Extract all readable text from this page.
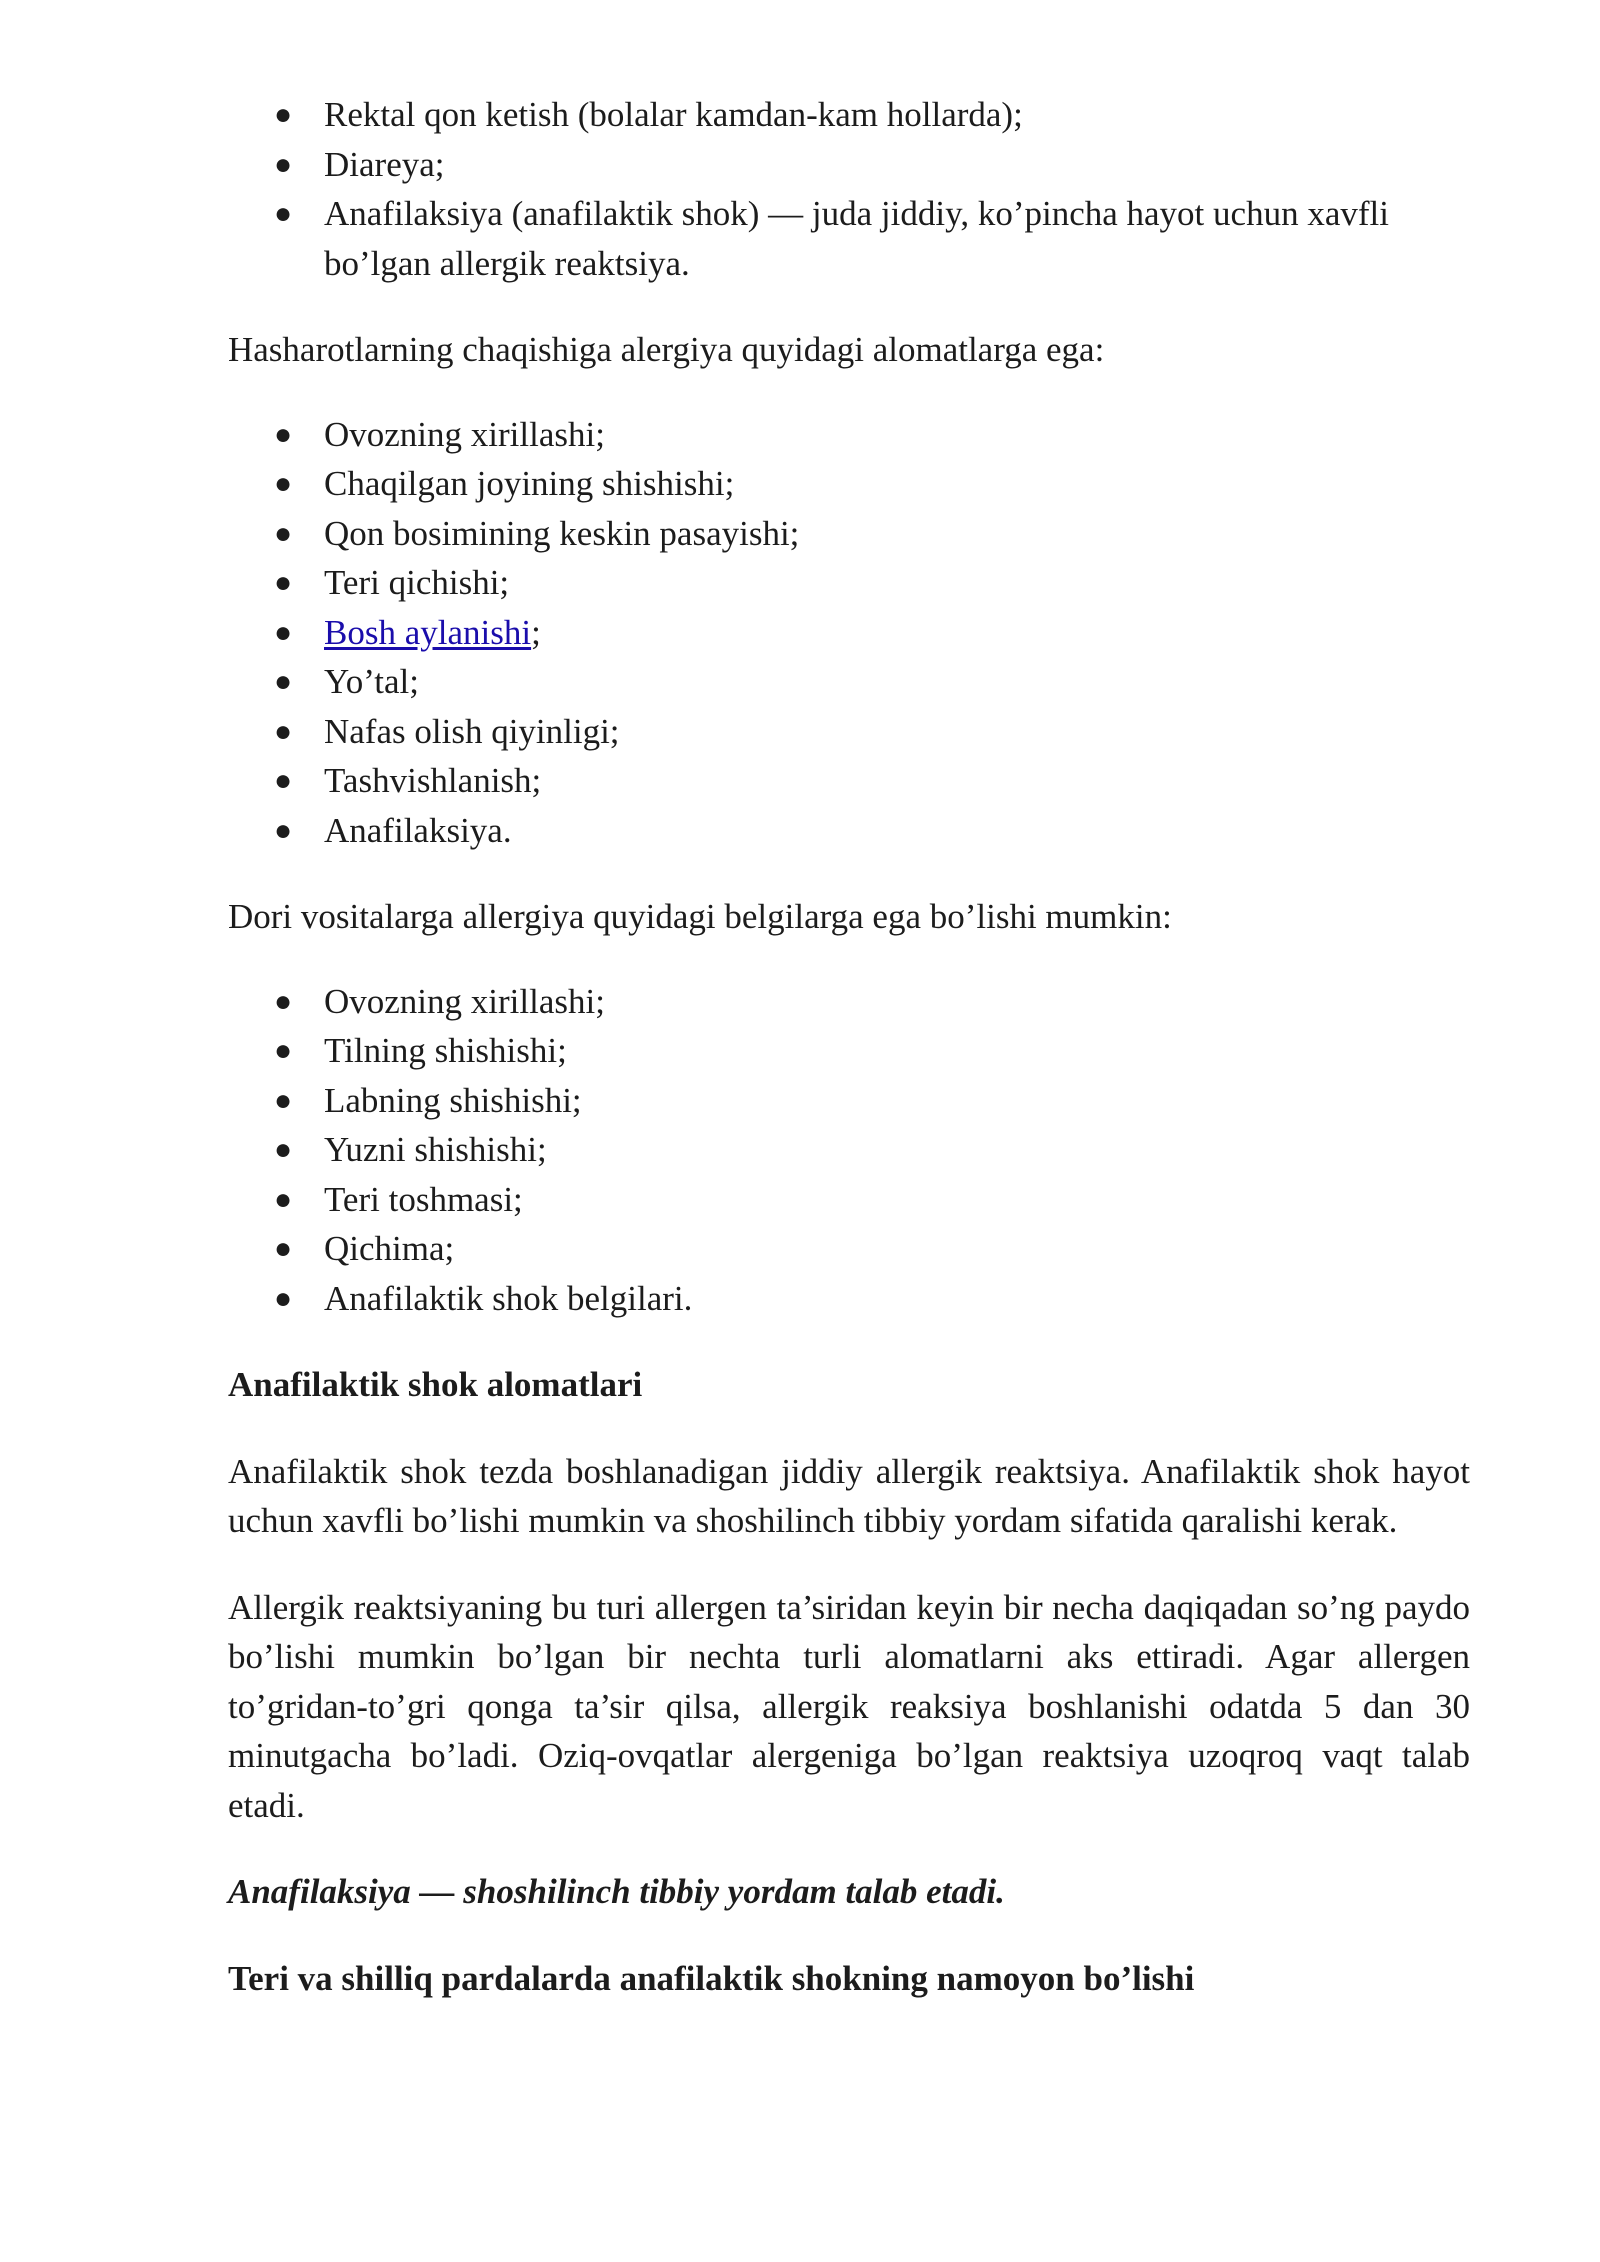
● Rektal qon ketish (bolalar kamdan-kam hollarda);
● Diareya;
● Anafilaksiya (anafilaktik shok) — juda jiddiy, ko’pincha hayot uchun xavfli bo’lgan allergik reaktsiya.

Hasharotlarning chaqishiga alergiya quyidagi alomatlarga ega:

● Ovozning xirillashi;
● Chaqilgan joyining shishishi;
● Qon bosimining keskin pasayishi;
● Teri qichishi;
● Bosh aylanishi;
● Yo’tal;
● Nafas olish qiyinligi;
● Tashvishlanish;
● Anafilaksiya.

Dori vositalarga allergiya quyidagi belgilarga ega bo’lishi mumkin:

● Ovozning xirillashi;
● Tilning shishishi;
● Labning shishishi;
● Yuzni shishishi;
● Teri toshmasi;
● Qichima;
● Anafilaktik shok belgilari.

Anafilaktik shok alomatlari

Anafilaktik shok tezda boshlanadigan jiddiy allergik reaktsiya. Anafilaktik shok hayot uchun xavfli bo’lishi mumkin va shoshilinch tibbiy yordam sifatida qaralishi kerak.

Allergik reaktsiyaning bu turi allergen ta’siridan keyin bir necha daqiqadan so’ng paydo bo’lishi mumkin bo’lgan bir nechta turli alomatlarni aks ettiradi. Agar allergen to’gridan-to’gri qonga ta’sir qilsa, allergik reaksiya boshlanishi odatda 5 dan 30 minutgacha bo’ladi. Oziq-ovqatlar alergeniga bo’lgan reaktsiya uzoqroq vaqt talab etadi.

Anafilaksiya — shoshilinch tibbiy yordam talab etadi.

Teri va shilliq pardalarda anafilaktik shokning namoyon bo’lishi
